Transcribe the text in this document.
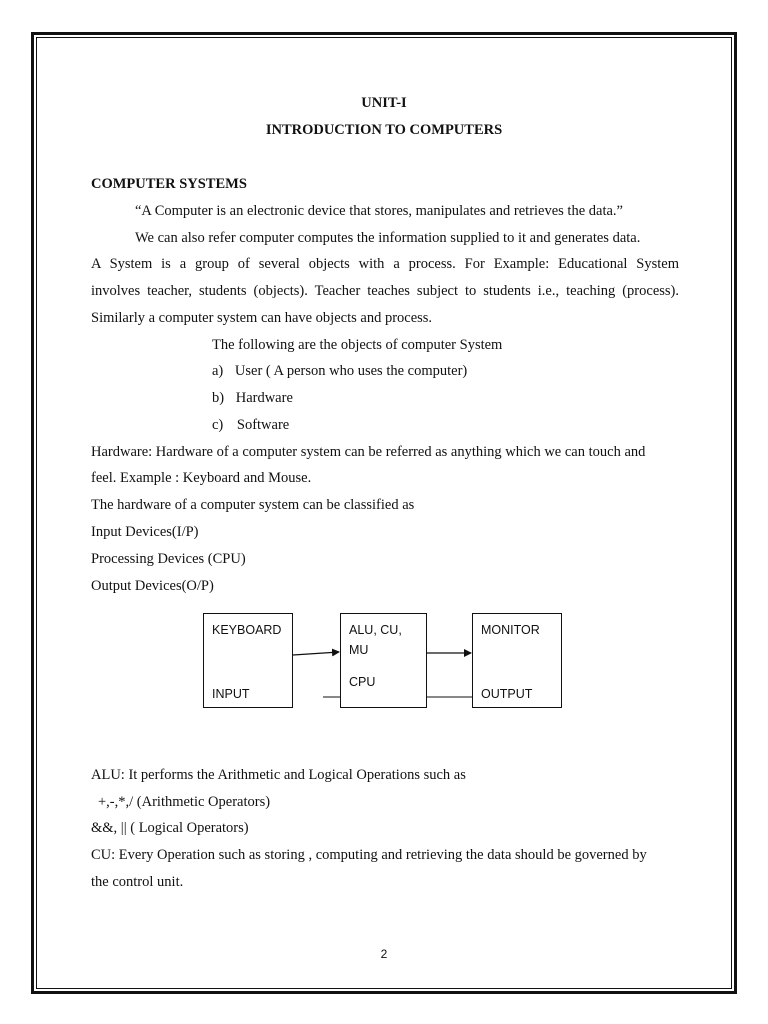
UNIT-I
INTRODUCTION TO COMPUTERS
COMPUTER SYSTEMS
“A Computer is an electronic device that stores, manipulates and retrieves the data.”
We can also refer computer computes the information supplied to it and generates data.
A System is a group of several objects with a process. For Example: Educational System
involves teacher, students (objects). Teacher teaches subject to students i.e., teaching (process).
Similarly a computer system can have objects and process.
The following are the objects of computer System
a) User ( A person who uses the computer)
b) Hardware
c) Software
Hardware: Hardware of a computer system can be referred as anything which we can touch and
feel. Example : Keyboard and Mouse.
The hardware of a computer system can be classified as
Input Devices(I/P)
Processing Devices (CPU)
Output Devices(O/P)
KEYBOARD
INPUT
ALU, CU,
MU
CPU
MONITOR
OUTPUT
ALU: It performs the Arithmetic and Logical Operations such as
+,-,*,/ (Arithmetic Operators)
&&, || ( Logical Operators)
CU: Every Operation such as storing , computing and retrieving the data should be governed by
the control unit.
2
